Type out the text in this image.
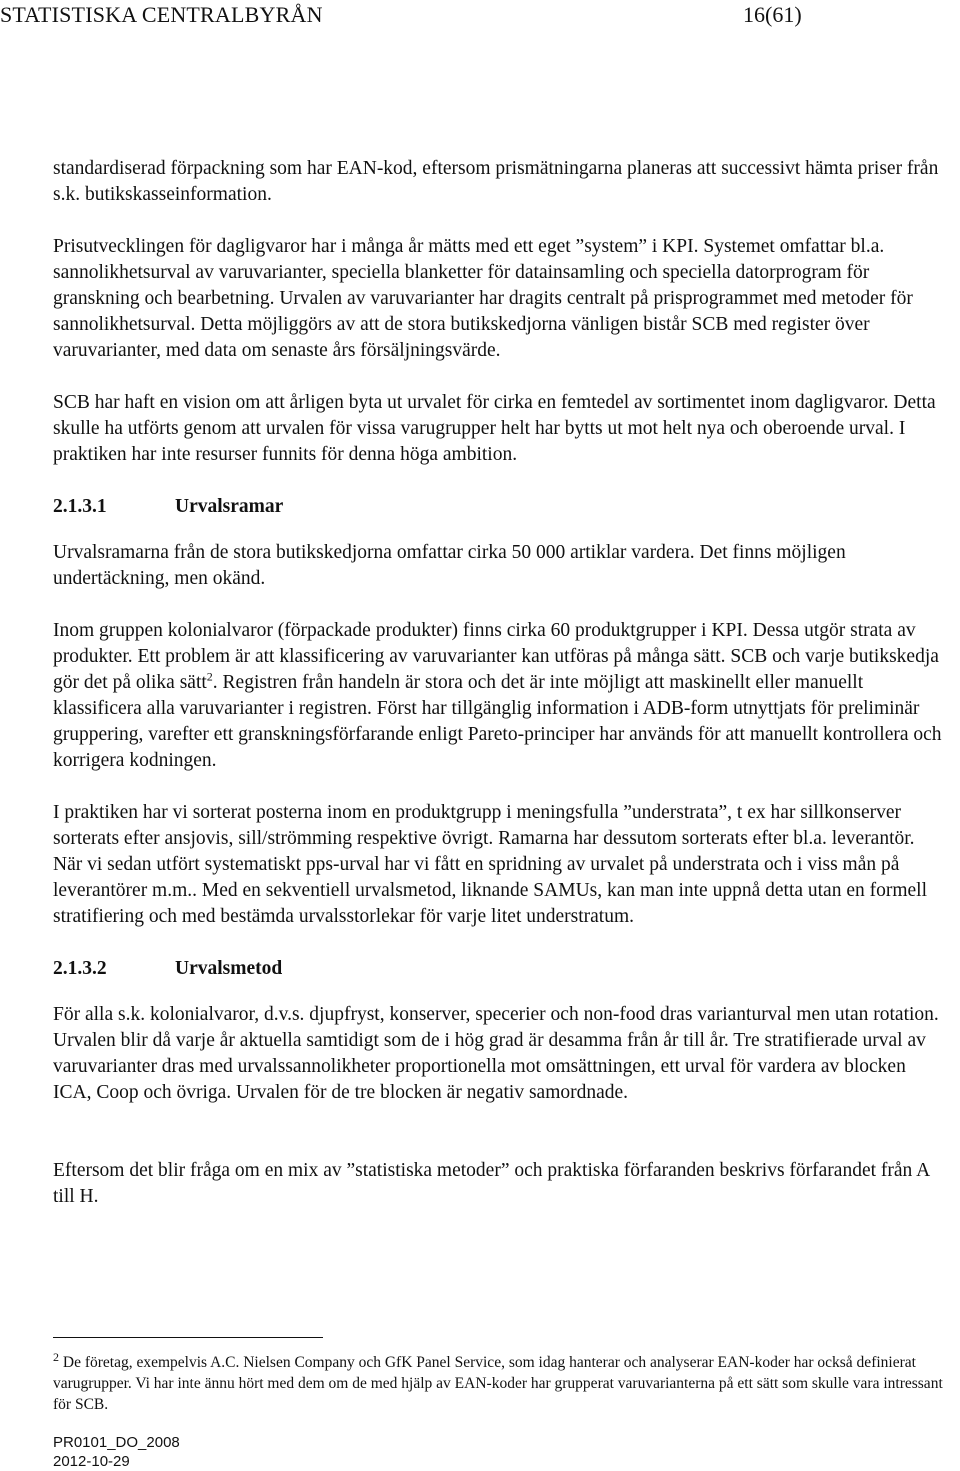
STATISTISKA CENTRALBYRÅN	16(61)

standardiserad förpackning som har EAN-kod, eftersom prismätningarna planeras att successivt hämta priser från s.k. butikskasseinformation.

Prisutvecklingen för dagligvaror har i många år mätts med ett eget ”system” i KPI. Systemet omfattar bl.a. sannolikhetsurval av varuvarianter, speciella blanketter för datainsamling och speciella datorprogram för granskning och bearbetning. Urvalen av varuvarianter har dragits centralt på prisprogrammet med metoder för sannolikhetsurval. Detta möjliggörs av att de stora butikskedjorna vänligen bistår SCB med register över varuvarianter, med data om senaste års försäljningsvärde.

SCB har haft en vision om att årligen byta ut urvalet för cirka en femtedel av sortimentet inom dagligvaror. Detta skulle ha utförts genom att urvalen för vissa varugrupper helt har bytts ut mot helt nya och oberoende urval. I praktiken har inte resurser funnits för denna höga ambition.

2.1.3.1	Urvalsramar

Urvalsramarna från de stora butikskedjorna omfattar cirka 50 000 artiklar vardera. Det finns möjligen undertäckning, men okänd.

Inom gruppen kolonialvaror (förpackade produkter) finns cirka 60 produktgrupper i KPI. Dessa utgör strata av produkter. Ett problem är att klassificering av varuvarianter kan utföras på många sätt. SCB och varje butikskedja gör det på olika sätt$^2$. Registren från handeln är stora och det är inte möjligt att maskinellt eller manuellt klassificera alla varuvarianter i registren. Först har tillgänglig information i ADB-form utnyttjats för preliminär gruppering, varefter ett granskningsförfarande enligt Pareto-principer har används för att manuellt kontrollera och korrigera kodningen.

I praktiken har vi sorterat posterna inom en produktgrupp i meningsfulla ”understrata”, t ex har sillkonserver sorterats efter ansjovis, sill/strömming respektive övrigt. Ramarna har dessutom sorterats efter bl.a. leverantör. När vi sedan utfört systematiskt pps-urval har vi fått en spridning av urvalet på understrata och i viss mån på leverantörer m.m.. Med en sekventiell urvalsmetod, liknande SAMUs, kan man inte uppnå detta utan en formell stratifiering och med bestämda urvalsstorlekar för varje litet understratum.

2.1.3.2	Urvalsmetod

För alla s.k. kolonialvaror, d.v.s. djupfryst, konserver, specerier och non-food dras varianturval men utan rotation. Urvalen blir då varje år aktuella samtidigt som de i hög grad är desamma från år till år. Tre stratifierade urval av varuvarianter dras med urvalssannolikheter proportionella mot omsättningen, ett urval för vardera av blocken ICA, Coop och övriga. Urvalen för de tre blocken är negativ samordnade.

Eftersom det blir fråga om en mix av ”statistiska metoder” och praktiska förfaranden beskrivs förfarandet från A till H.

$^2$ De företag, exempelvis A.C. Nielsen Company och GfK Panel Service, som idag hanterar och analyserar EAN-koder har också definierat varugrupper. Vi har inte ännu hört med dem om de med hjälp av EAN-koder har grupperat varuvarianterna på ett sätt som skulle vara intressant för SCB.

PR0101_DO_2008
2012-10-29
